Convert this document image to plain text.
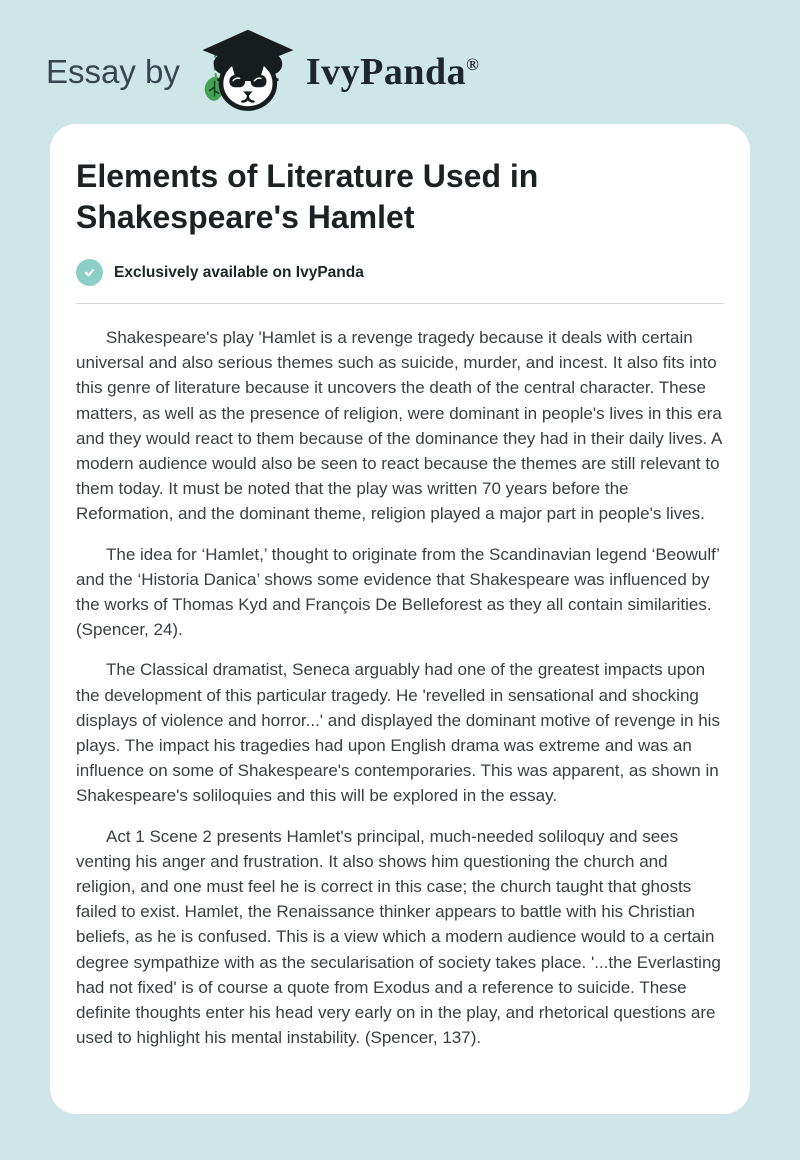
Essay by	IvyPanda®
Elements of Literature Used in Shakespeare's Hamlet
Exclusively available on IvyPanda

Shakespeare's play 'Hamlet is a revenge tragedy because it deals with certain universal and also serious themes such as suicide, murder, and incest. It also fits into this genre of literature because it uncovers the death of the central character. These matters, as well as the presence of religion, were dominant in people's lives in this era and they would react to them because of the dominance they had in their daily lives. A modern audience would also be seen to react because the themes are still relevant to them today. It must be noted that the play was written 70 years before the Reformation, and the dominant theme, religion played a major part in people's lives.

The idea for ‘Hamlet,’ thought to originate from the Scandinavian legend ‘Beowulf’ and the ‘Historia Danica’ shows some evidence that Shakespeare was influenced by the works of Thomas Kyd and François De Belleforest as they all contain similarities. (Spencer, 24).

The Classical dramatist, Seneca arguably had one of the greatest impacts upon the development of this particular tragedy. He 'revelled in sensational and shocking displays of violence and horror...' and displayed the dominant motive of revenge in his plays. The impact his tragedies had upon English drama was extreme and was an influence on some of Shakespeare's contemporaries. This was apparent, as shown in Shakespeare's soliloquies and this will be explored in the essay.

Act 1 Scene 2 presents Hamlet's principal, much-needed soliloquy and sees venting his anger and frustration. It also shows him questioning the church and religion, and one must feel he is correct in this case; the church taught that ghosts failed to exist. Hamlet, the Renaissance thinker appears to battle with his Christian beliefs, as he is confused. This is a view which a modern audience would to a certain degree sympathize with as the secularisation of society takes place. '...the Everlasting had not fixed' is of course a quote from Exodus and a reference to suicide. These definite thoughts enter his head very early on in the play, and rhetorical questions are used to highlight his mental instability. (Spencer, 137).
